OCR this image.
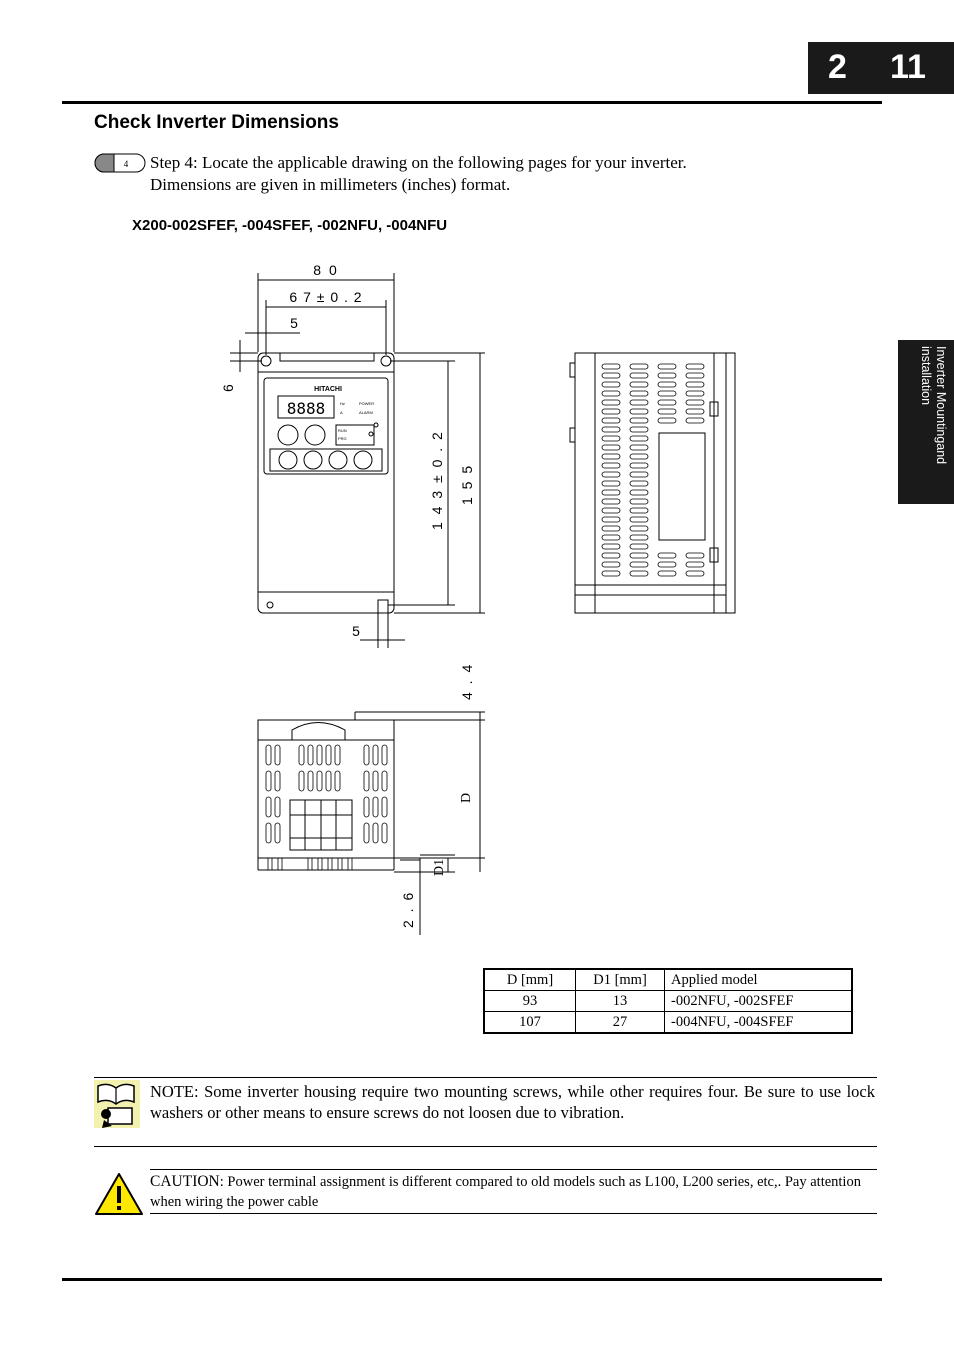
2 11
Check Inverter Dimensions
4 Step 4: Locate the applicable drawing on the following pages for your inverter.
Dimensions are given in millimeters (inches) format.
X200-002SFEF, -004SFEF, -002NFU, -004NFU
Inverter Mountingand installation
HITACHI
8888	Hz
A
POWER
ALARM
RUN
PRG
8 0
6 7 ± 0 . 2
5
6
1 4 3 ± 0 . 2 1 5 5
5
4 . 4
D
D1
2 . 6
D [mm]	D1 [mm]	Applied model
93	13	-002NFU, -002SFEF
107	27	-004NFU, -004SFEF
NOTE: Some inverter housing require two mounting screws, while other requires four. Be sure to use lock washers or other means to ensure screws do not loosen due to vibration.
CAUTION: Power terminal assignment is different compared to old models such as L100, L200 series, etc,. Pay attention when wiring the power cable
